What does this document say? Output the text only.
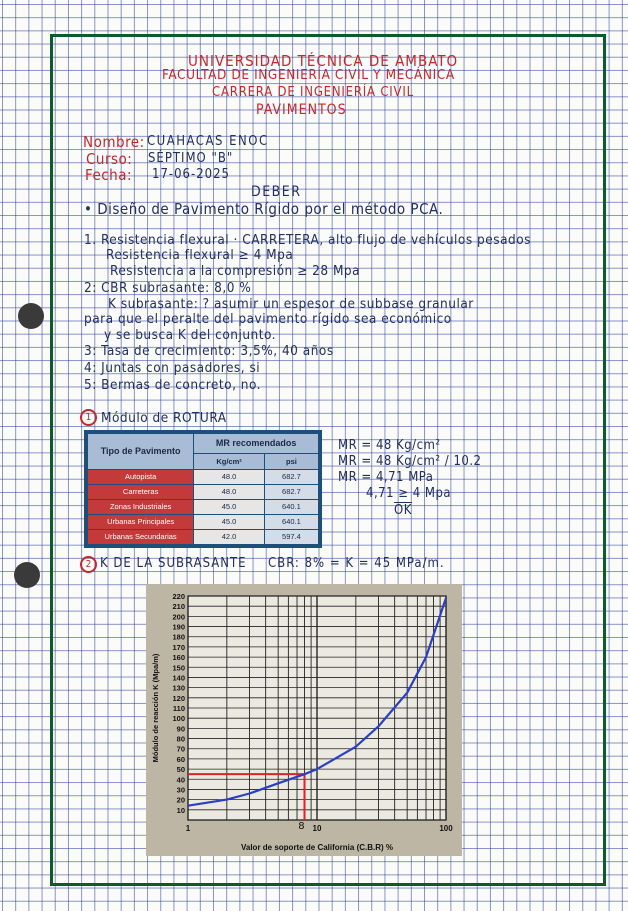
UNIVERSIDAD TÉCNICA DE AMBATO
FACULTAD DE INGENIERÍA CIVIL Y MECÁNICA
CARRERA DE INGENIERÍA CIVIL
PAVIMENTOS
Nombre: CUAHACAS ENOC
Curso: SÉPTIMO "B"
Fecha: 17-06-2025
DEBER
• Diseño de Pavimento Rígido por el método PCA.
1. Resistencia flexural · CARRETERA, alto flujo de vehículos pesados
Resistencia flexural ≥ 4 Mpa
Resistencia a la compresión ≥ 28 Mpa
2: CBR subrasante: 8,0 %
K subrasante: ? asumir un espesor de subbase granular
para que el peralte del pavimento rígido sea económico
y se busca K del conjunto.
3: Tasa de crecimiento: 3,5%, 40 años
4: Juntas con pasadores, si
5: Bermas de concreto, no.
1 Módulo de ROTURA
Tipo de Pavimento	MR recomendados	
	Kg/cm²	psi
Autopista	48.0	682.7
Carreteras	48.0	682.7
Zonas Industriales	45.0	640.1
Urbanas Principales	45.0	640.1
Urbanas Secundarias	42.0	597.4
MR = 48 Kg/cm²
MR = 48 Kg/cm² / 10.2
MR = 4,71 MPa
4,71 ≥ 4 Mpa
OK
2 K DE LA SUBRASANTE CBR: 8% = K = 45 MPa/m.
10
20
30
40
50
60
70
80
90
100
110
120
130
140
150
160
170
180
190
200
210
220
1	10	100
Valor de soporte de California (C.B.R) %
Módulo de reacción K (Mpa/m)
8
